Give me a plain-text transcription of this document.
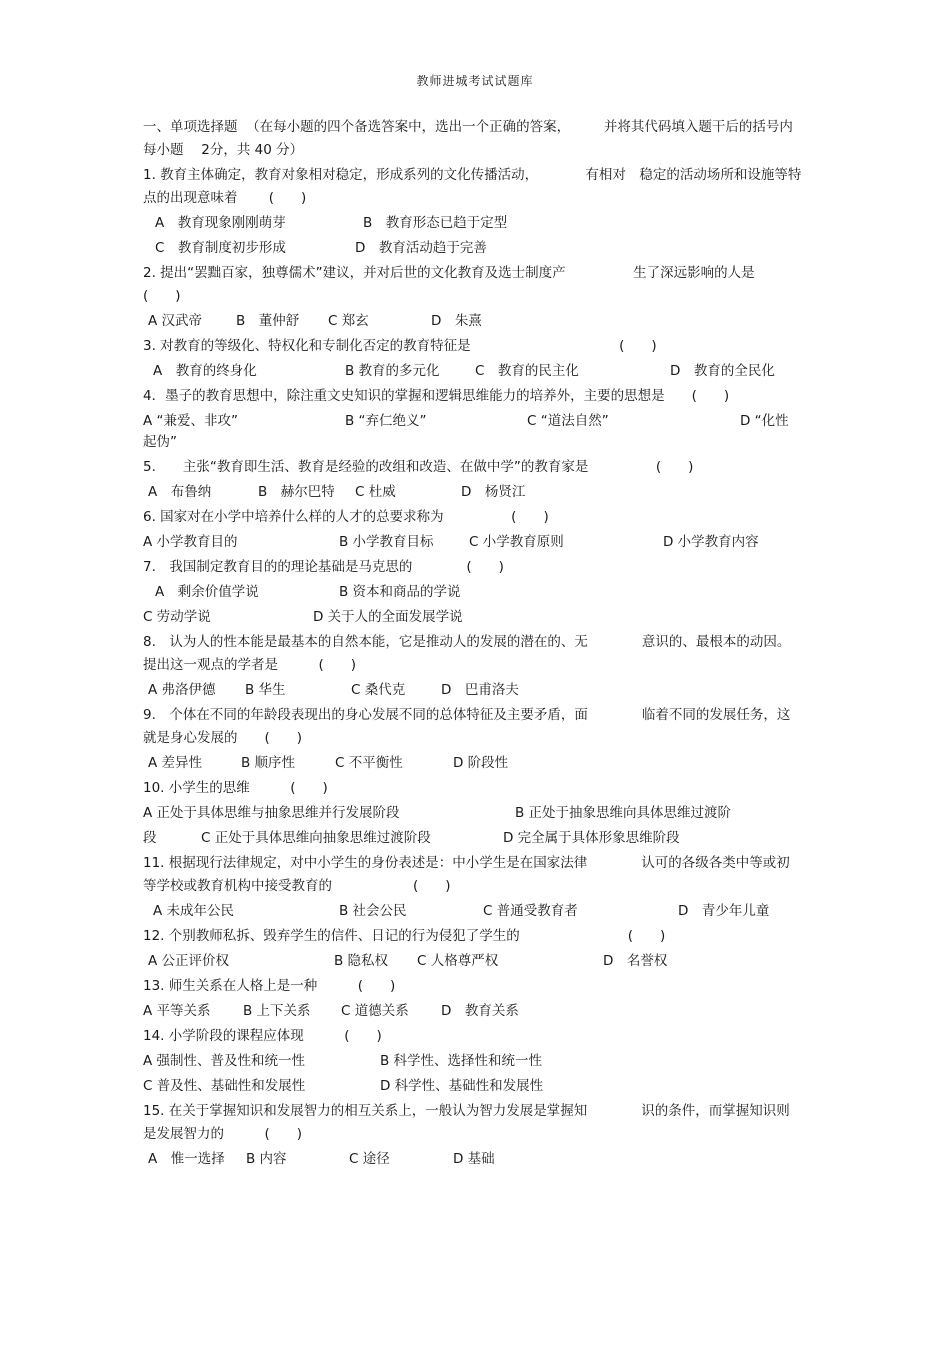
教师进城考试试题库

一、单项选择题  （在每小题的四个备选答案中，选出一个正确的答案，　　　并将其代码填入题干后的括号内每小题　 2分，共 40 分）

1. 教育主体确定，教育对象相对稳定，形成系列的文化传播活动，　　　　有相对　稳定的活动场所和设施等特点的出现意味着　　 (　　)

A　教育现象刚刚萌芽	B　教育形态已趋于定型
C　教育制度初步形成	D　教育活动趋于完善

2. 提出“罢黜百家，独尊儒术”建议，并对后世的文化教育及选士制度产　　　　　生了深远影响的人是　(　　)

A 汉武帝	B　董仲舒 C 郑玄	D　朱熹

3. 对教育的等级化、特权化和专制化否定的教育特征是　　　　　　　　　　　(　　)

A　教育的终身化	B 教育的多元化	C　教育的民主化	D　教育的全民化

4．墨子的教育思想中，除注重文史知识的掌握和逻辑思维能力的培养外，主要的思想是　　(　　)

A “兼爱、非攻”	B “弃仁绝义”	C “道法自然”	D “化性

起伪”

5.　　主张“教育即生活、教育是经验的改组和改造、在做中学”的教育家是　　　　　(　　)

A　布鲁纳	B　赫尔巴特 C 杜威	D　杨贤江

6. 国家对在小学中培养什么样的人才的总要求称为　　　　　(　　)

A 小学教育目的	B 小学教育目标	C 小学教育原则	D 小学教育内容

7.　我国制定教育目的的理论基础是马克思的　　　　(　　)

A　剩余价值学说	B 资本和商品的学说
C 劳动学说	D 关于人的全面发展学说

8.　认为人的性本能是最基本的自然本能，它是推动人的发展的潜在的、无　　　　意识的、最根本的动因。提出这一观点的学者是　　　(　　)

A 弗洛伊德 B 华生	C 桑代克	D　巴甫洛夫

9.　个体在不同的年龄段表现出的身心发展不同的总体特征及主要矛盾，面　　　　临着不同的发展任务，这就是身心发展的　　(　　)

A 差异性	B 顺序性	C 不平衡性	D 阶段性

10. 小学生的思维　　　(　　)

A 正处于具体思维与抽象思维并行发展阶段	B 正处于抽象思维向具体思维过渡阶
段	C 正处于具体思维向抽象思维过渡阶段	D 完全属于具体形象思维阶段

11. 根据现行法律规定，对中小学生的身份表述是：中小学生是在国家法律　　　　认可的各级各类中等或初等学校或教育机构中接受教育的　　　　　　(　　)

A 未成年公民	B 社会公民	C 普通受教育者	D　青少年儿童

12. 个别教师私拆、毁弃学生的信件、日记的行为侵犯了学生的　　　　　　　　(　　)

A 公正评价权	B 隐私权 C 人格尊严权	D　名誉权

13. 师生关系在人格上是一种　　　(　　)

A 平等关系 B 上下关系 C 道德关系 D　教育关系

14. 小学阶段的课程应体现　　　(　　)

A 强制性、普及性和统一性	B 科学性、选择性和统一性
C 普及性、基础性和发展性	D 科学性、基础性和发展性

15. 在关于掌握知识和发展智力的相互关系上，一般认为智力发展是掌握知　　　　识的条件，而掌握知识则是发展智力的　　　(　　)

A　惟一选择 B 内容	C 途径	D 基础
